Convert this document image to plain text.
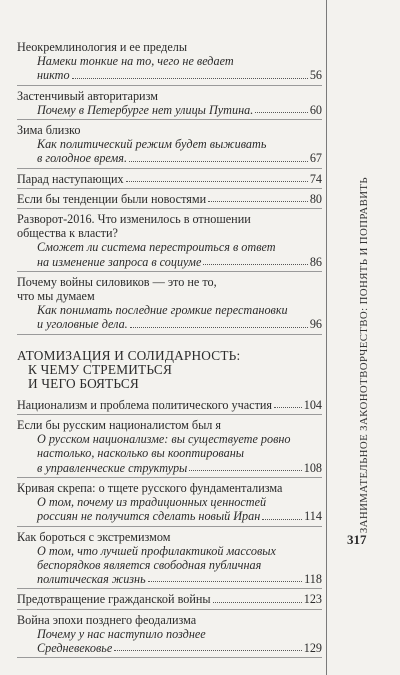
Неокремлинология и ее пределы
Намеки тонкие на то, чего не ведает
никто	56
Застенчивый авторитаризм
Почему в Петербурге нет улицы Путина.	60
Зима близко
Как политический режим будет выживать
в голодное время.	67
Парад наступающих	74
Если бы тенденции были новостями	80
Разворот-2016. Что изменилось в отношении
общества к власти?
Сможет ли система перестроиться в ответ
на изменение запроса в социуме	86
Почему войны силовиков — это не то,
что мы думаем
Как понимать последние громкие перестановки
и уголовные дела.	96
АТОМИЗАЦИЯ И СОЛИДАРНОСТЬ:
К ЧЕМУ СТРЕМИТЬСЯ
И ЧЕГО БОЯТЬСЯ
Национализм и проблема политического участия	104
Если бы русским националистом был я
О русском национализме: вы существуете ровно
настолько, насколько вы кооптированы
в управленческие структуры	108
Кривая скрепа: о тщете русского фундаментализма
О том, почему из традиционных ценностей
россиян не получится сделать новый Иран	114
Как бороться с экстремизмом
О том, что лучшей профилактикой массовых
беспорядков является свободная публичная
политическая жизнь	118
Предотвращение гражданской войны	123
Война эпохи позднего феодализма
Почему у нас наступило позднее
Средневековье	129
ЗАНИМАТЕЛЬНОЕ ЗАКОНОТВОРЧЕСТВО: ПОНЯТЬ И ПОПРАВИТЬ
317
